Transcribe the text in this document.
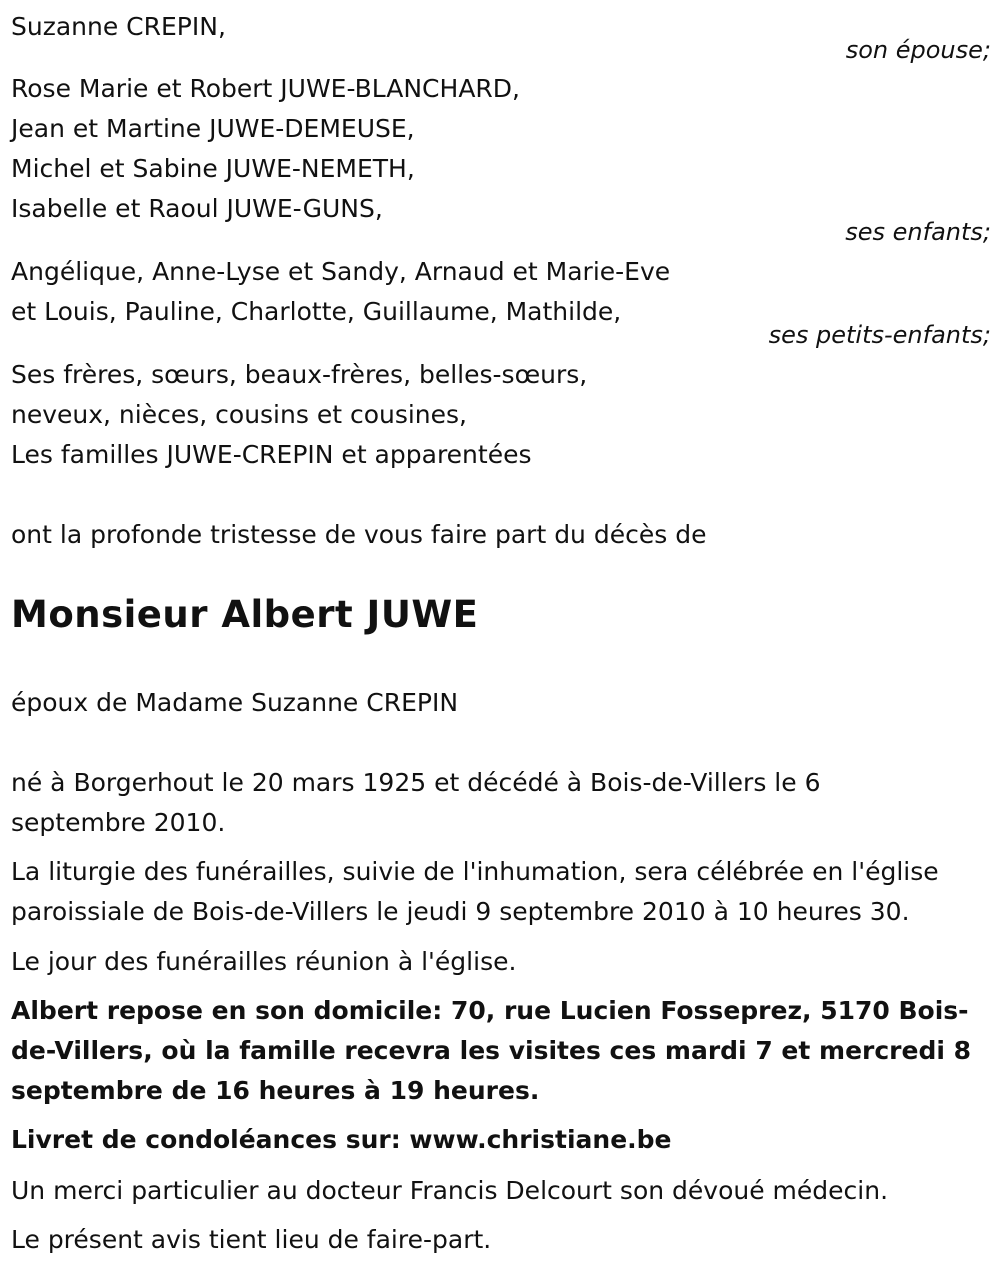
Suzanne CREPIN,
son épouse;
Rose Marie et Robert JUWE-BLANCHARD,
Jean et Martine JUWE-DEMEUSE,
Michel et Sabine JUWE-NEMETH,
Isabelle et Raoul JUWE-GUNS,
ses enfants;
Angélique, Anne-Lyse et Sandy, Arnaud et Marie-Eve
et Louis, Pauline, Charlotte, Guillaume, Mathilde,
ses petits-enfants;
Ses frères, sœurs, beaux-frères, belles-sœurs,
neveux, nièces, cousins et cousines,
Les familles JUWE-CREPIN et apparentées
ont la profonde tristesse de vous faire part du décès de
Monsieur Albert JUWE
époux de Madame Suzanne CREPIN
né à Borgerhout le 20 mars 1925 et décédé à Bois-de-Villers le 6 septembre 2010.
La liturgie des funérailles, suivie de l'inhumation, sera célébrée en l'église paroissiale de Bois-de-Villers le jeudi 9 septembre 2010 à 10 heures 30.
Le jour des funérailles réunion à l'église.
Albert repose en son domicile: 70, rue Lucien Fosseprez, 5170 Bois-de-Villers, où la famille recevra les visites ces mardi 7 et mercredi 8 septembre de 16 heures à 19 heures.
Livret de condoléances sur: www.christiane.be
Un merci particulier au docteur Francis Delcourt son dévoué médecin.
Le présent avis tient lieu de faire-part.
